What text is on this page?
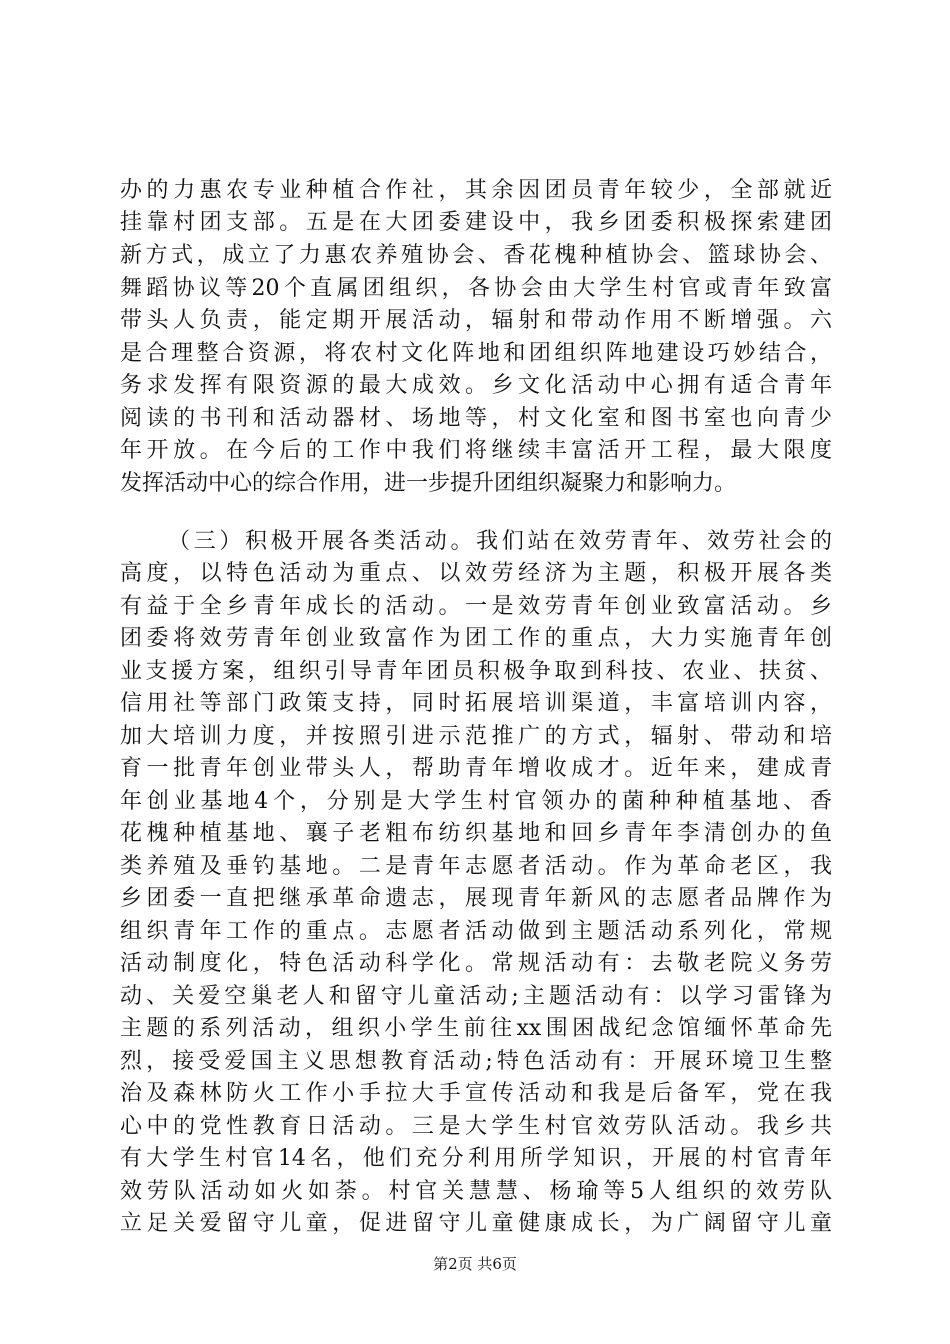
办的力惠农专业种植合作社，其余因团员青年较少，全部就近
挂靠村团支部。五是在大团委建设中，我乡团委积极探索建团
新方式，成立了力惠农养殖协会、香花槐种植协会、篮球协会、
舞蹈协议等20个直属团组织，各协会由大学生村官或青年致富
带头人负责，能定期开展活动，辐射和带动作用不断增强。六
是合理整合资源，将农村文化阵地和团组织阵地建设巧妙结合，
务求发挥有限资源的最大成效。乡文化活动中心拥有适合青年
阅读的书刊和活动器材、场地等，村文化室和图书室也向青少
年开放。在今后的工作中我们将继续丰富活开工程，最大限度
发挥活动中心的综合作用，进一步提升团组织凝聚力和影响力。
（三）积极开展各类活动。我们站在效劳青年、效劳社会的
高度，以特色活动为重点、以效劳经济为主题，积极开展各类
有益于全乡青年成长的活动。一是效劳青年创业致富活动。乡
团委将效劳青年创业致富作为团工作的重点，大力实施青年创
业支援方案，组织引导青年团员积极争取到科技、农业、扶贫、
信用社等部门政策支持，同时拓展培训渠道，丰富培训内容，
加大培训力度，并按照引进示范推广的方式，辐射、带动和培
育一批青年创业带头人，帮助青年增收成才。近年来，建成青
年创业基地4个，分别是大学生村官领办的菌种种植基地、香
花槐种植基地、襄子老粗布纺织基地和回乡青年李清创办的鱼
类养殖及垂钓基地。二是青年志愿者活动。作为革命老区，我
乡团委一直把继承革命遗志，展现青年新风的志愿者品牌作为
组织青年工作的重点。志愿者活动做到主题活动系列化，常规
活动制度化，特色活动科学化。常规活动有：去敬老院义务劳
动、关爱空巢老人和留守儿童活动;主题活动有：以学习雷锋为
主题的系列活动，组织小学生前往xx围困战纪念馆缅怀革命先
烈，接受爱国主义思想教育活动;特色活动有：开展环境卫生整
治及森林防火工作小手拉大手宣传活动和我是后备军，党在我
心中的党性教育日活动。三是大学生村官效劳队活动。我乡共
有大学生村官14名，他们充分利用所学知识，开展的村官青年
效劳队活动如火如荼。村官关慧慧、杨瑜等5人组织的效劳队
立足关爱留守儿童，促进留守儿童健康成长，为广阔留守儿童
第2页 共6页
